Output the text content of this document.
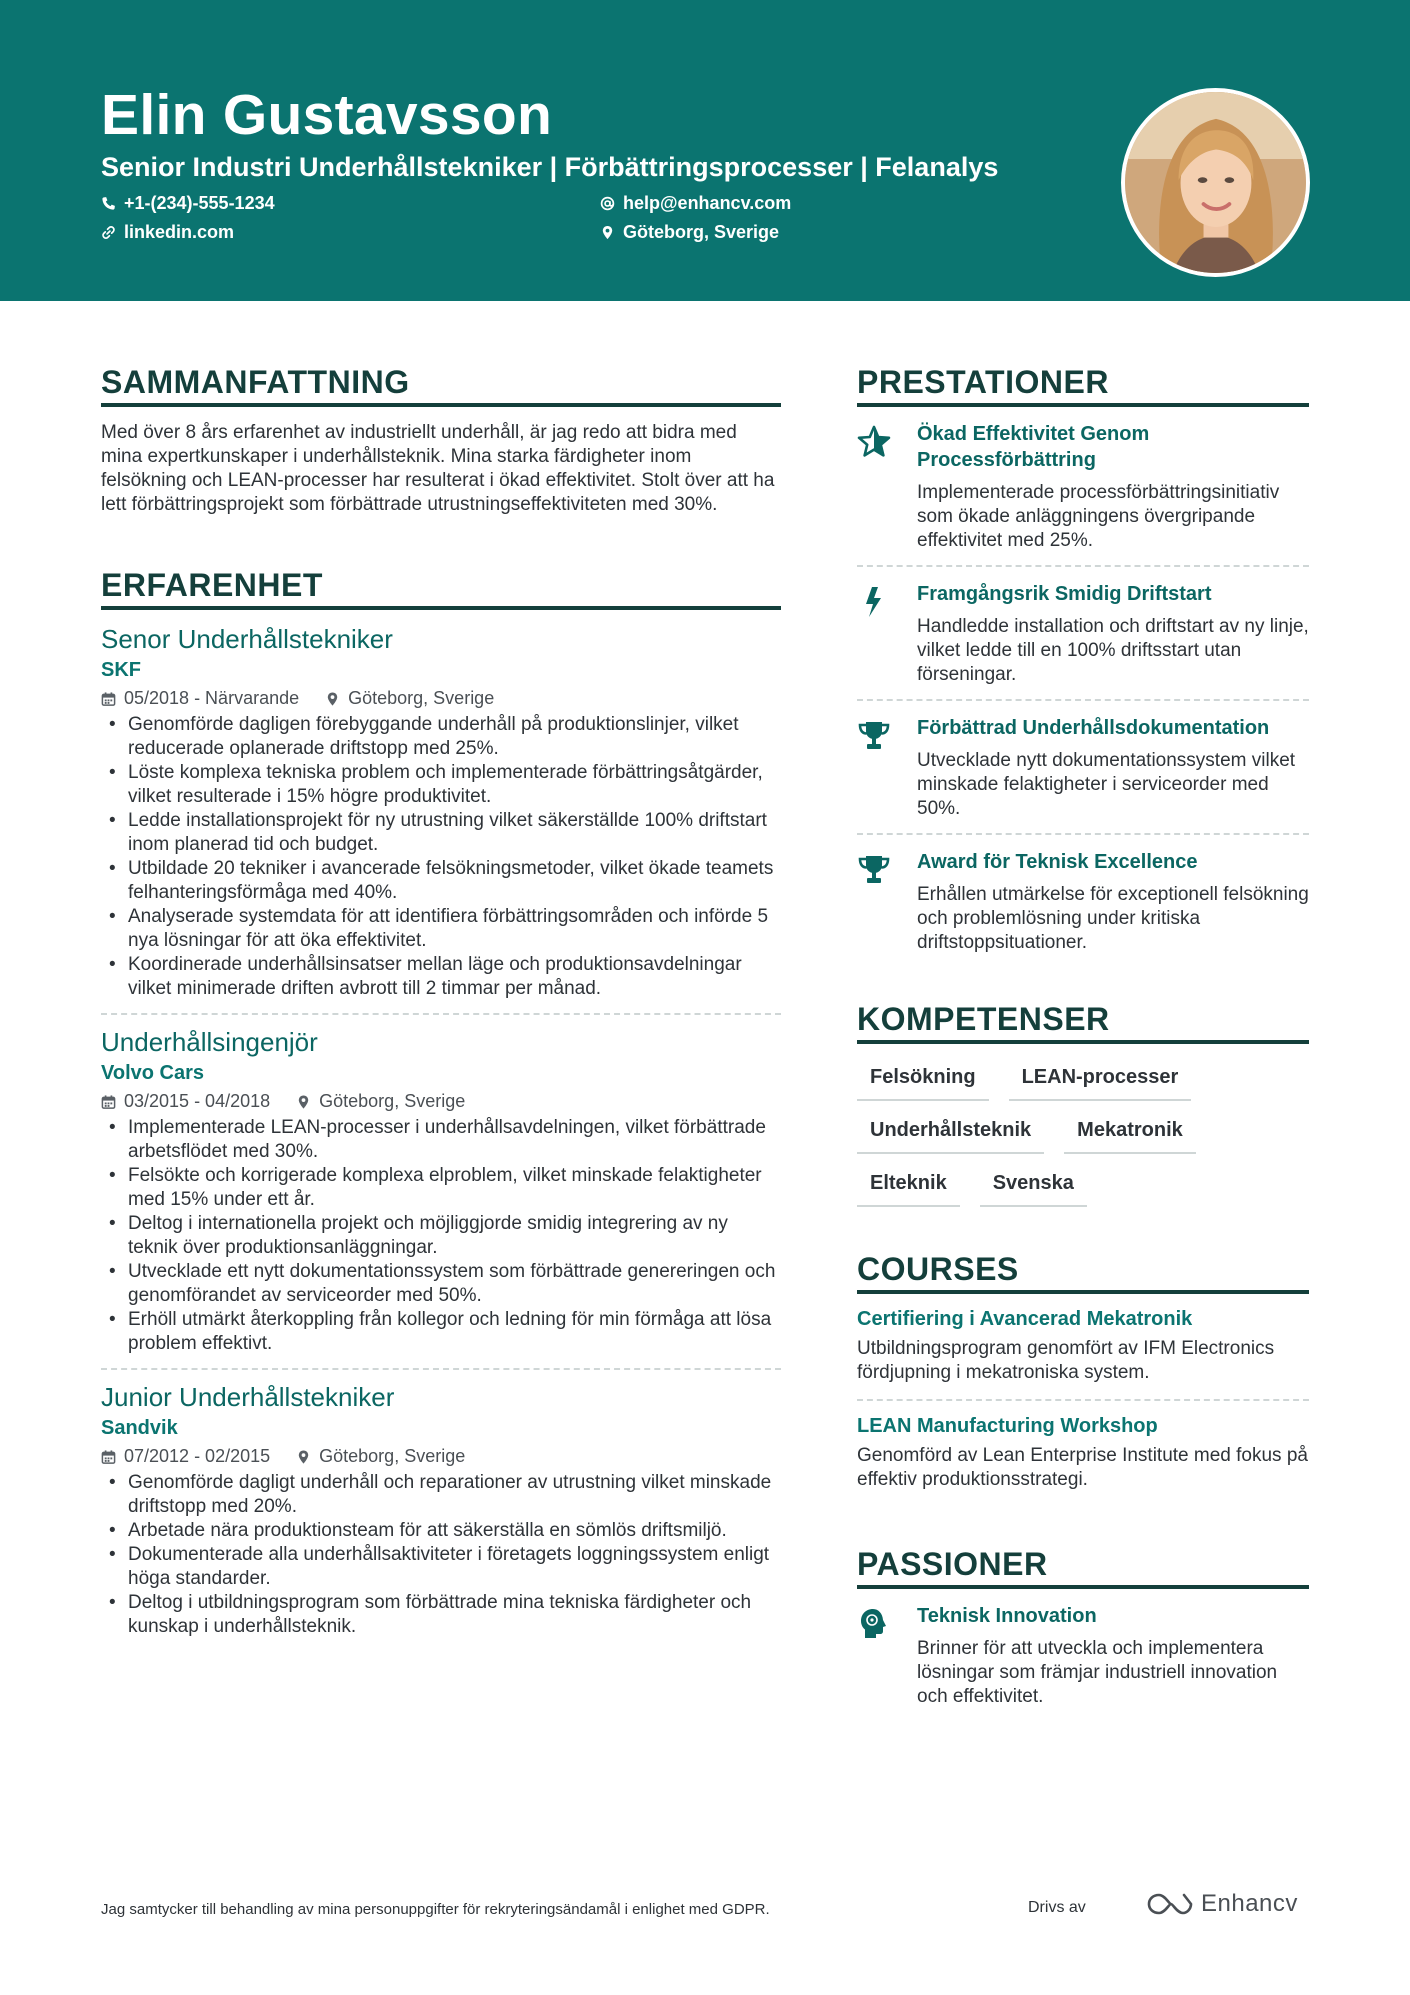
Elin Gustavsson
Senior Industri Underhållstekniker | Förbättringsprocesser | Felanalys
+1-(234)-555-1234	help@enhancv.com
linkedin.com	Göteborg, Sverige
SAMMANFATTNING

Med över 8 års erfarenhet av industriellt underhåll, är jag redo att bidra med mina expertkunskaper i underhållsteknik. Mina starka färdigheter inom felsökning och LEAN-processer har resulterat i ökad effektivitet. Stolt över att ha lett förbättringsprojekt som förbättrade utrustningseffektiviteten med 30%.

ERFARENHET
Senor Underhållstekniker
SKF
05/2018 - Närvarande	Göteborg, Sverige
• Genomförde dagligen förebyggande underhåll på produktionslinjer, vilket reducerade oplanerade driftstopp med 25%.
• Löste komplexa tekniska problem och implementerade förbättringsåtgärder, vilket resulterade i 15% högre produktivitet.
• Ledde installationsprojekt för ny utrustning vilket säkerställde 100% driftstart inom planerad tid och budget.
• Utbildade 20 tekniker i avancerade felsökningsmetoder, vilket ökade teamets felhanteringsförmåga med 40%.
• Analyserade systemdata för att identifiera förbättringsområden och införde 5 nya lösningar för att öka effektivitet.
• Koordinerade underhållsinsatser mellan läge och produktionsavdelningar vilket minimerade driften avbrott till 2 timmar per månad.
Underhållsingenjör
Volvo Cars
03/2015 - 04/2018	Göteborg, Sverige
• Implementerade LEAN-processer i underhållsavdelningen, vilket förbättrade arbetsflödet med 30%.
• Felsökte och korrigerade komplexa elproblem, vilket minskade felaktigheter med 15% under ett år.
• Deltog i internationella projekt och möjliggjorde smidig integrering av ny teknik över produktionsanläggningar.
• Utvecklade ett nytt dokumentationssystem som förbättrade genereringen och genomförandet av serviceorder med 50%.
• Erhöll utmärkt återkoppling från kollegor och ledning för min förmåga att lösa problem effektivt.
Junior Underhållstekniker
Sandvik
07/2012 - 02/2015	Göteborg, Sverige
• Genomförde dagligt underhåll och reparationer av utrustning vilket minskade driftstopp med 20%.
• Arbetade nära produktionsteam för att säkerställa en sömlös driftsmiljö.
• Dokumenterade alla underhållsaktiviteter i företagets loggningssystem enligt höga standarder.
• Deltog i utbildningsprogram som förbättrade mina tekniska färdigheter och kunskap i underhållsteknik.
PRESTATIONER
Ökad Effektivitet Genom Processförbättring
Implementerade processförbättringsinitiativ som ökade anläggningens övergripande effektivitet med 25%.
Framgångsrik Smidig Driftstart
Handledde installation och driftstart av ny linje, vilket ledde till en 100% driftsstart utan förseningar.
Förbättrad Underhållsdokumentation
Utvecklade nytt dokumentationssystem vilket minskade felaktigheter i serviceorder med 50%.
Award för Teknisk Excellence
Erhållen utmärkelse för exceptionell felsökning och problemlösning under kritiska driftstoppsituationer.
KOMPETENSER
Felsökning	LEAN-processer
Underhållsteknik	Mekatronik
Elteknik	Svenska
COURSES
Certifiering i Avancerad Mekatronik
Utbildningsprogram genomfört av IFM Electronics fördjupning i mekatroniska system.
LEAN Manufacturing Workshop
Genomförd av Lean Enterprise Institute med fokus på effektiv produktionsstrategi.
PASSIONER
Teknisk Innovation
Brinner för att utveckla och implementera lösningar som främjar industriell innovation och effektivitet.
Jag samtycker till behandling av mina personuppgifter för rekryteringsändamål i enlighet med GDPR.	Drivs av	Enhancv
